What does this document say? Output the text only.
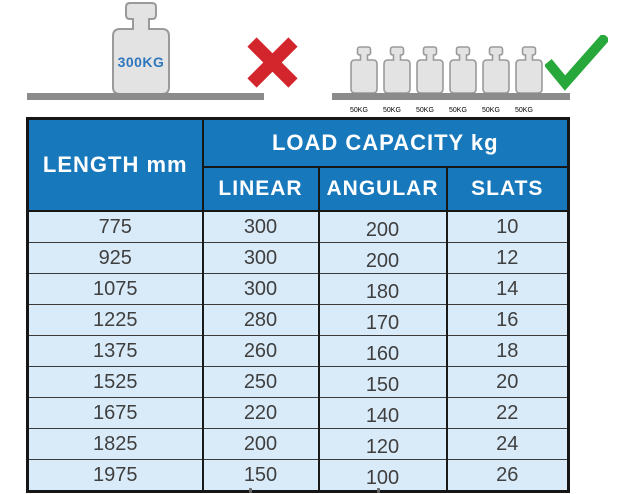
300KG
50KG	50KG	50KG	50KG	50KG	50KG
LENGTH mm	LOAD CAPACITY kg		
	LINEAR	ANGULAR	SLATS
775	300	200	10
925	300	200	12
1075	300	180	14
1225	280	170	16
1375	260	160	18
1525	250	150	20
1675	220	140	22
1825	200	120	24
1975	150	100	26
